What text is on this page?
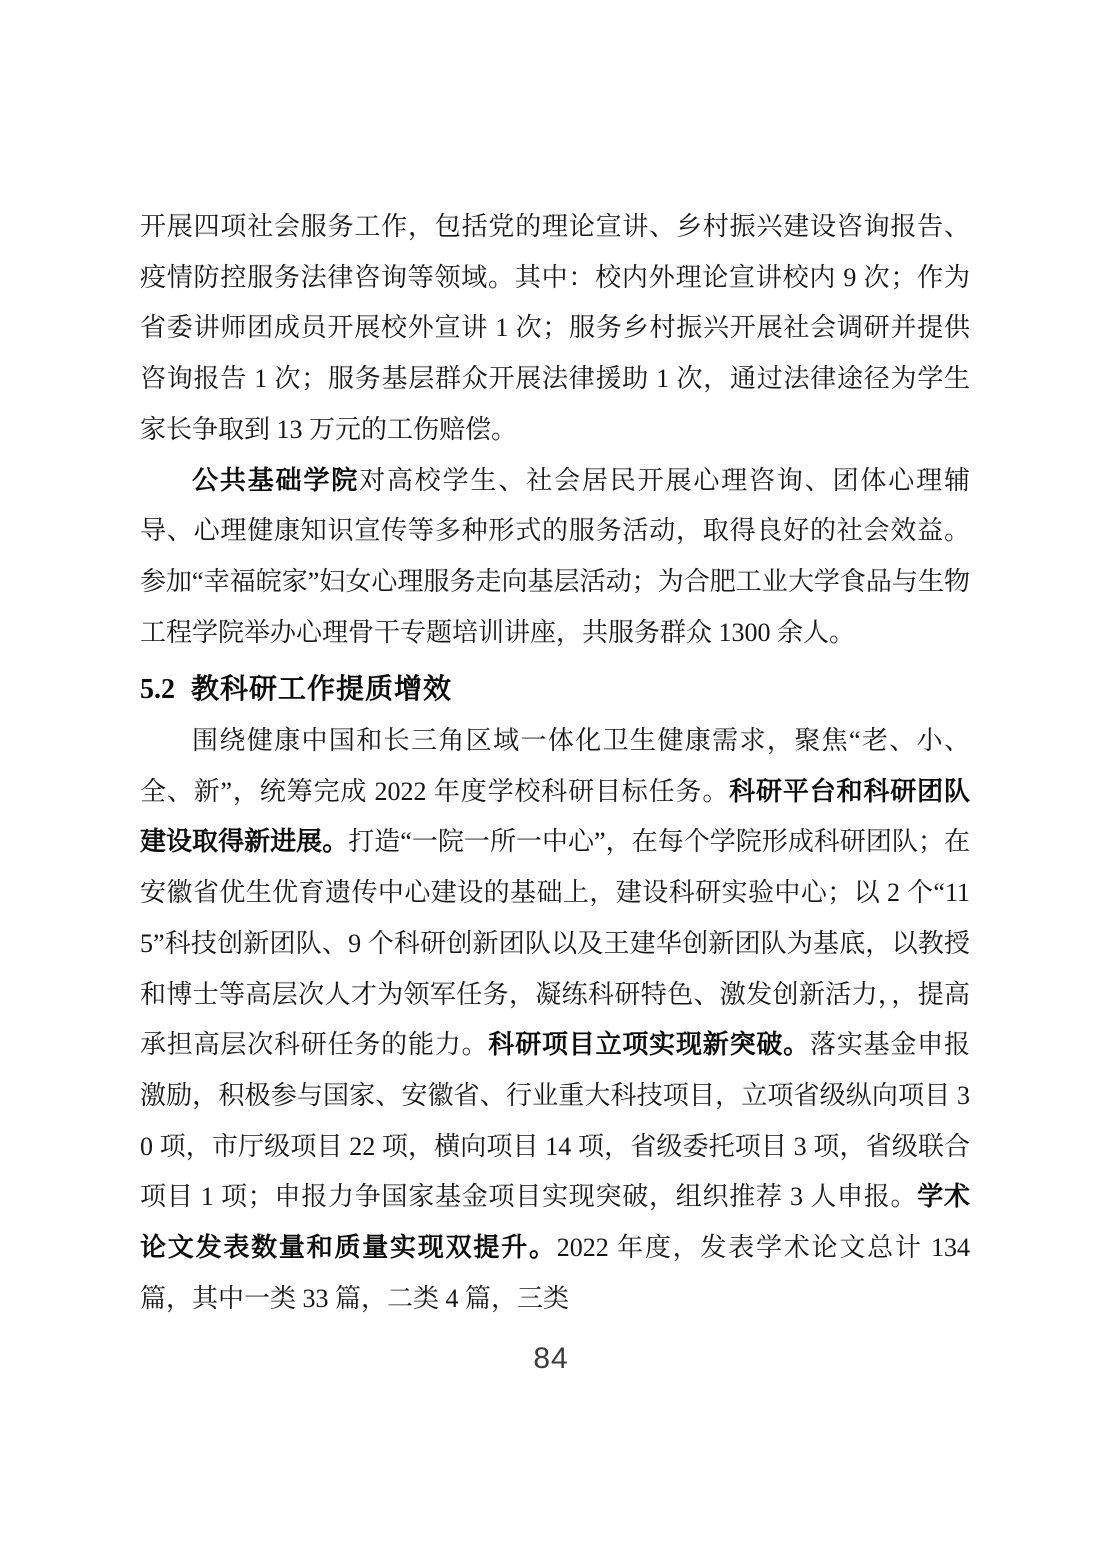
开展四项社会服务工作，包括党的理论宣讲、乡村振兴建设咨询报告、疫情防控服务法律咨询等领域。其中：校内外理论宣讲校内 9 次；作为省委讲师团成员开展校外宣讲 1 次；服务乡村振兴开展社会调研并提供咨询报告 1 次；服务基层群众开展法律援助 1 次，通过法律途径为学生家长争取到 13 万元的工伤赔偿。

公共基础学院对高校学生、社会居民开展心理咨询、团体心理辅导、心理健康知识宣传等多种形式的服务活动，取得良好的社会效益。参加“幸福皖家”妇女心理服务走向基层活动；为合肥工业大学食品与生物工程学院举办心理骨干专题培训讲座，共服务群众 1300 余人。

5.2 教科研工作提质增效

围绕健康中国和长三角区域一体化卫生健康需求，聚焦“老、小、全、新”，统筹完成 2022 年度学校科研目标任务。科研平台和科研团队建设取得新进展。打造“一院一所一中心”，在每个学院形成科研团队；在安徽省优生优育遗传中心建设的基础上，建设科研实验中心；以 2 个“115”科技创新团队、9 个科研创新团队以及王建华创新团队为基底，以教授和博士等高层次人才为领军任务，凝练科研特色、激发创新活力，，提高承担高层次科研任务的能力。科研项目立项实现新突破。落实基金申报激励，积极参与国家、安徽省、行业重大科技项目，立项省级纵向项目 30 项，市厅级项目 22 项，横向项目 14 项，省级委托项目 3 项，省级联合项目 1 项；申报力争国家基金项目实现突破，组织推荐 3 人申报。学术论文发表数量和质量实现双提升。2022 年度，发表学术论文总计 134 篇，其中一类 33 篇，二类 4 篇，三类

84
